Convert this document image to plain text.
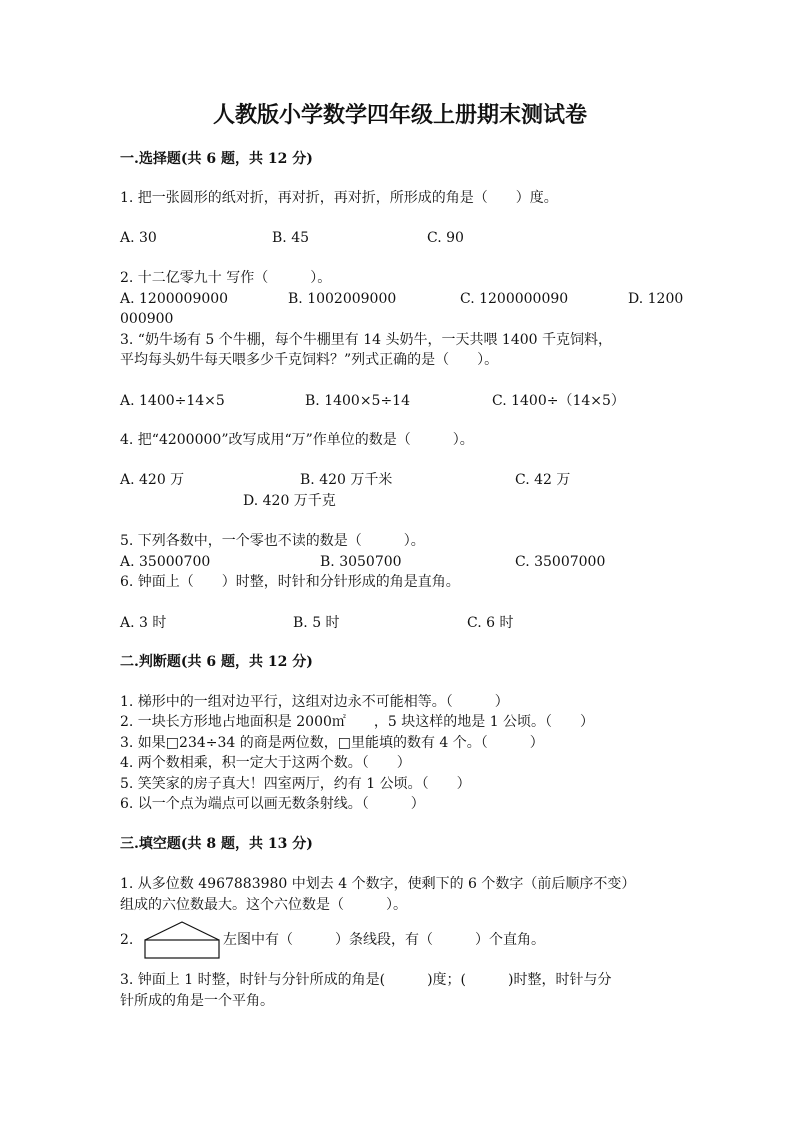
人教版小学数学四年级上册期末测试卷
一.选择题(共 6 题，共 12 分)
1. 把一张圆形的纸对折，再对折，再对折，所形成的角是（　　）度。
A. 30	B. 45	C. 90
2. 十二亿零九十 写作（　　　）。
A. 1200009000	B. 1002009000	C. 1200000090	D. 1200
000900
3. “奶牛场有 5 个牛棚，每个牛棚里有 14 头奶牛，一天共喂 1400 千克饲料，
平均每头奶牛每天喂多少千克饲料？”列式正确的是（　　）。
A. 1400÷14×5	B. 1400×5÷14	C. 1400÷（14×5）
4. 把“4200000”改写成用“万”作单位的数是（　　　）。
A. 420 万	B. 420 万千米	C. 42 万
D. 420 万千克
5. 下列各数中，一个零也不读的数是（　　　）。
A. 35000700	B. 3050700	C. 35007000
6. 钟面上（　　）时整，时针和分针形成的角是直角。
A. 3 时	B. 5 时	C. 6 时
二.判断题(共 6 题，共 12 分)
1. 梯形中的一组对边平行，这组对边永不可能相等。（　　　）
2. 一块长方形地占地面积是 2000㎡　　，5 块这样的地是 1 公顷。（　　）
3. 如果□234÷34 的商是两位数，□里能填的数有 4 个。（　　　）
4. 两个数相乘，积一定大于这两个数。（　　）
5. 笑笑家的房子真大！四室两厅，约有 1 公顷。（　　）
6. 以一个点为端点可以画无数条射线。（　　　）
三.填空题(共 8 题，共 13 分)
1. 从多位数 4967883980 中划去 4 个数字，使剩下的 6 个数字（前后顺序不变）
组成的六位数最大。这个六位数是（　　　）。
2.	左图中有（　　　）条线段，有（　　　）个直角。
3. 钟面上 1 时整，时针与分针所成的角是(　　　)度；(　　　)时整，时针与分
针所成的角是一个平角。
